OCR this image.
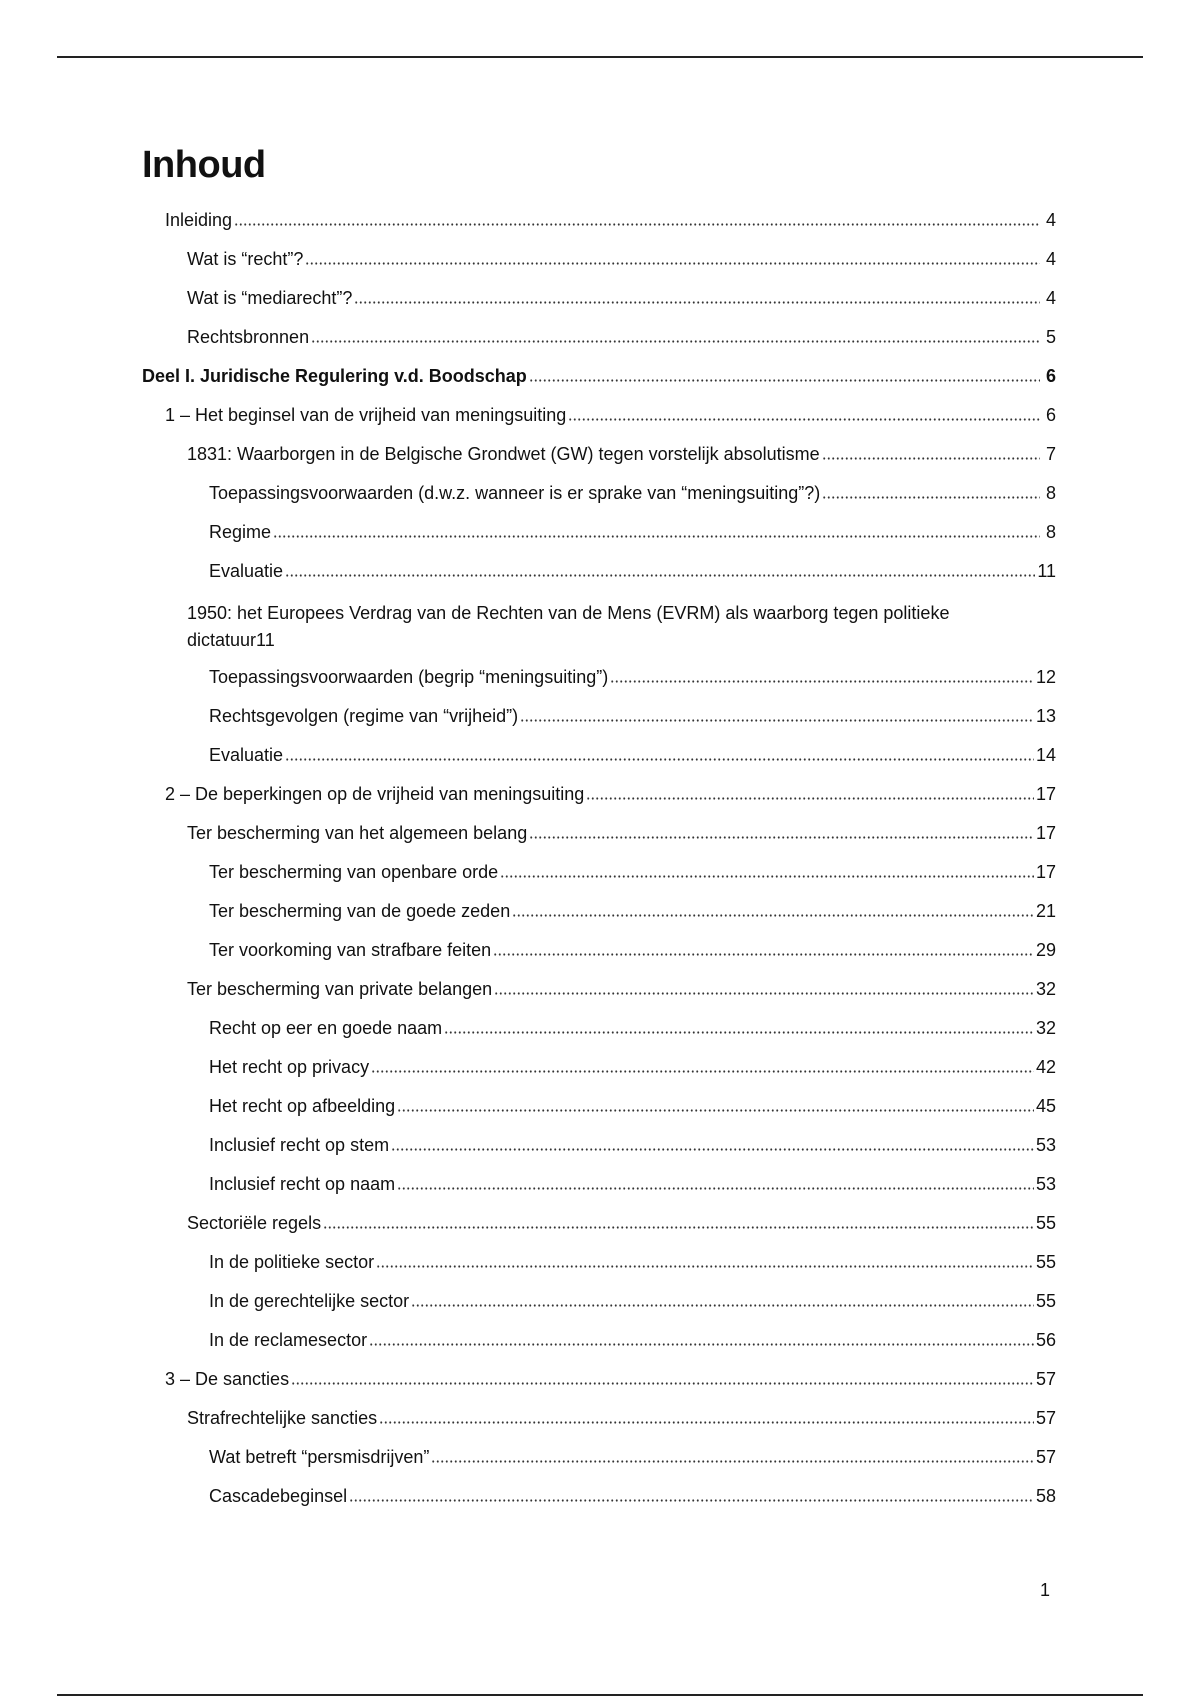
Inhoud
Inleiding	4
Wat is “recht”?	4
Wat is “mediarecht”?	4
Rechtsbronnen	5
Deel I. Juridische Regulering v.d. Boodschap	6
1 – Het beginsel van de vrijheid van meningsuiting	6
1831: Waarborgen in de Belgische Grondwet (GW) tegen vorstelijk absolutisme	7
Toepassingsvoorwaarden (d.w.z. wanneer is er sprake van “meningsuiting”?)	8
Regime	8
Evaluatie	11
1950: het Europees Verdrag van de Rechten van de Mens (EVRM) als waarborg tegen politieke
dictatuur 11
Toepassingsvoorwaarden (begrip “meningsuiting”)	12
Rechtsgevolgen (regime van “vrijheid”)	13
Evaluatie	14
2 – De beperkingen op de vrijheid van meningsuiting	17
Ter bescherming van het algemeen belang	17
Ter bescherming van openbare orde	17
Ter bescherming van de goede zeden	21
Ter voorkoming van strafbare feiten	29
Ter bescherming van private belangen	32
Recht op eer en goede naam	32
Het recht op privacy	42
Het recht op afbeelding	45
Inclusief recht op stem	53
Inclusief recht op naam	53
Sectoriële regels	55
In de politieke sector	55
In de gerechtelijke sector	55
In de reclamesector	56
3 – De sancties	57
Strafrechtelijke sancties	57
Wat betreft “persmisdrijven”	57
Cascadebeginsel	58
1
